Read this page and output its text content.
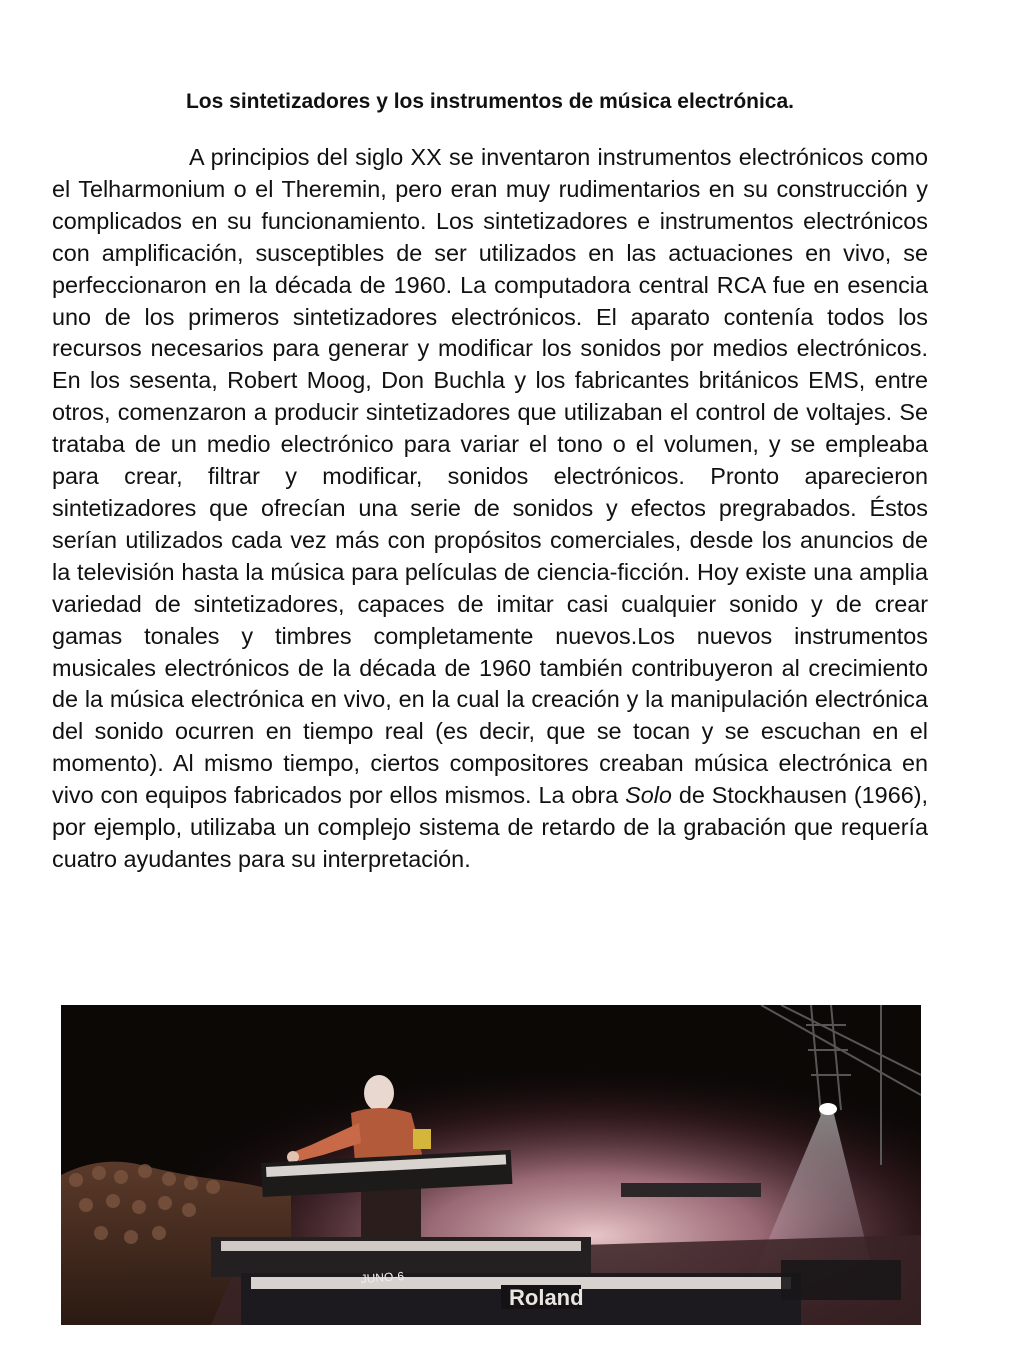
Los sintetizadores y los instrumentos de música electrónica.

A principios del siglo XX se inventaron instrumentos electrónicos como el Telharmonium o el Theremin, pero eran muy rudimentarios en su construcción y complicados en su funcionamiento. Los sintetizadores e instrumentos electrónicos con amplificación, susceptibles de ser utilizados en las actuaciones en vivo, se perfeccionaron en la década de 1960. La computadora central RCA fue en esencia uno de los primeros sintetizadores electrónicos. El aparato contenía todos los recursos necesarios para generar y modificar los sonidos por medios electrónicos. En los sesenta, Robert Moog, Don Buchla y los fabricantes británicos EMS, entre otros, comenzaron a producir sintetizadores que utilizaban el control de voltajes. Se trataba de un medio electrónico para variar el tono o el volumen, y se empleaba para crear, filtrar y modificar, sonidos electrónicos. Pronto aparecieron sintetizadores que ofrecían una serie de sonidos y efectos pregrabados. Éstos serían utilizados cada vez más con propósitos comerciales, desde los anuncios de la televisión hasta la música para películas de ciencia-ficción. Hoy existe una amplia variedad de sintetizadores, capaces de imitar casi cualquier sonido y de crear gamas tonales y timbres completamente nuevos.Los nuevos instrumentos musicales electrónicos de la década de 1960 también contribuyeron al crecimiento de la música electrónica en vivo, en la cual la creación y la manipulación electrónica del sonido ocurren en tiempo real (es decir, que se tocan y se escuchan en el momento). Al mismo tiempo, ciertos compositores creaban música electrónica en vivo con equipos fabricados por ellos mismos. La obra Solo de Stockhausen (1966), por ejemplo, utilizaba un complejo sistema de retardo de la grabación que requería cuatro ayudantes para su interpretación.

Roland
JUNO-6
